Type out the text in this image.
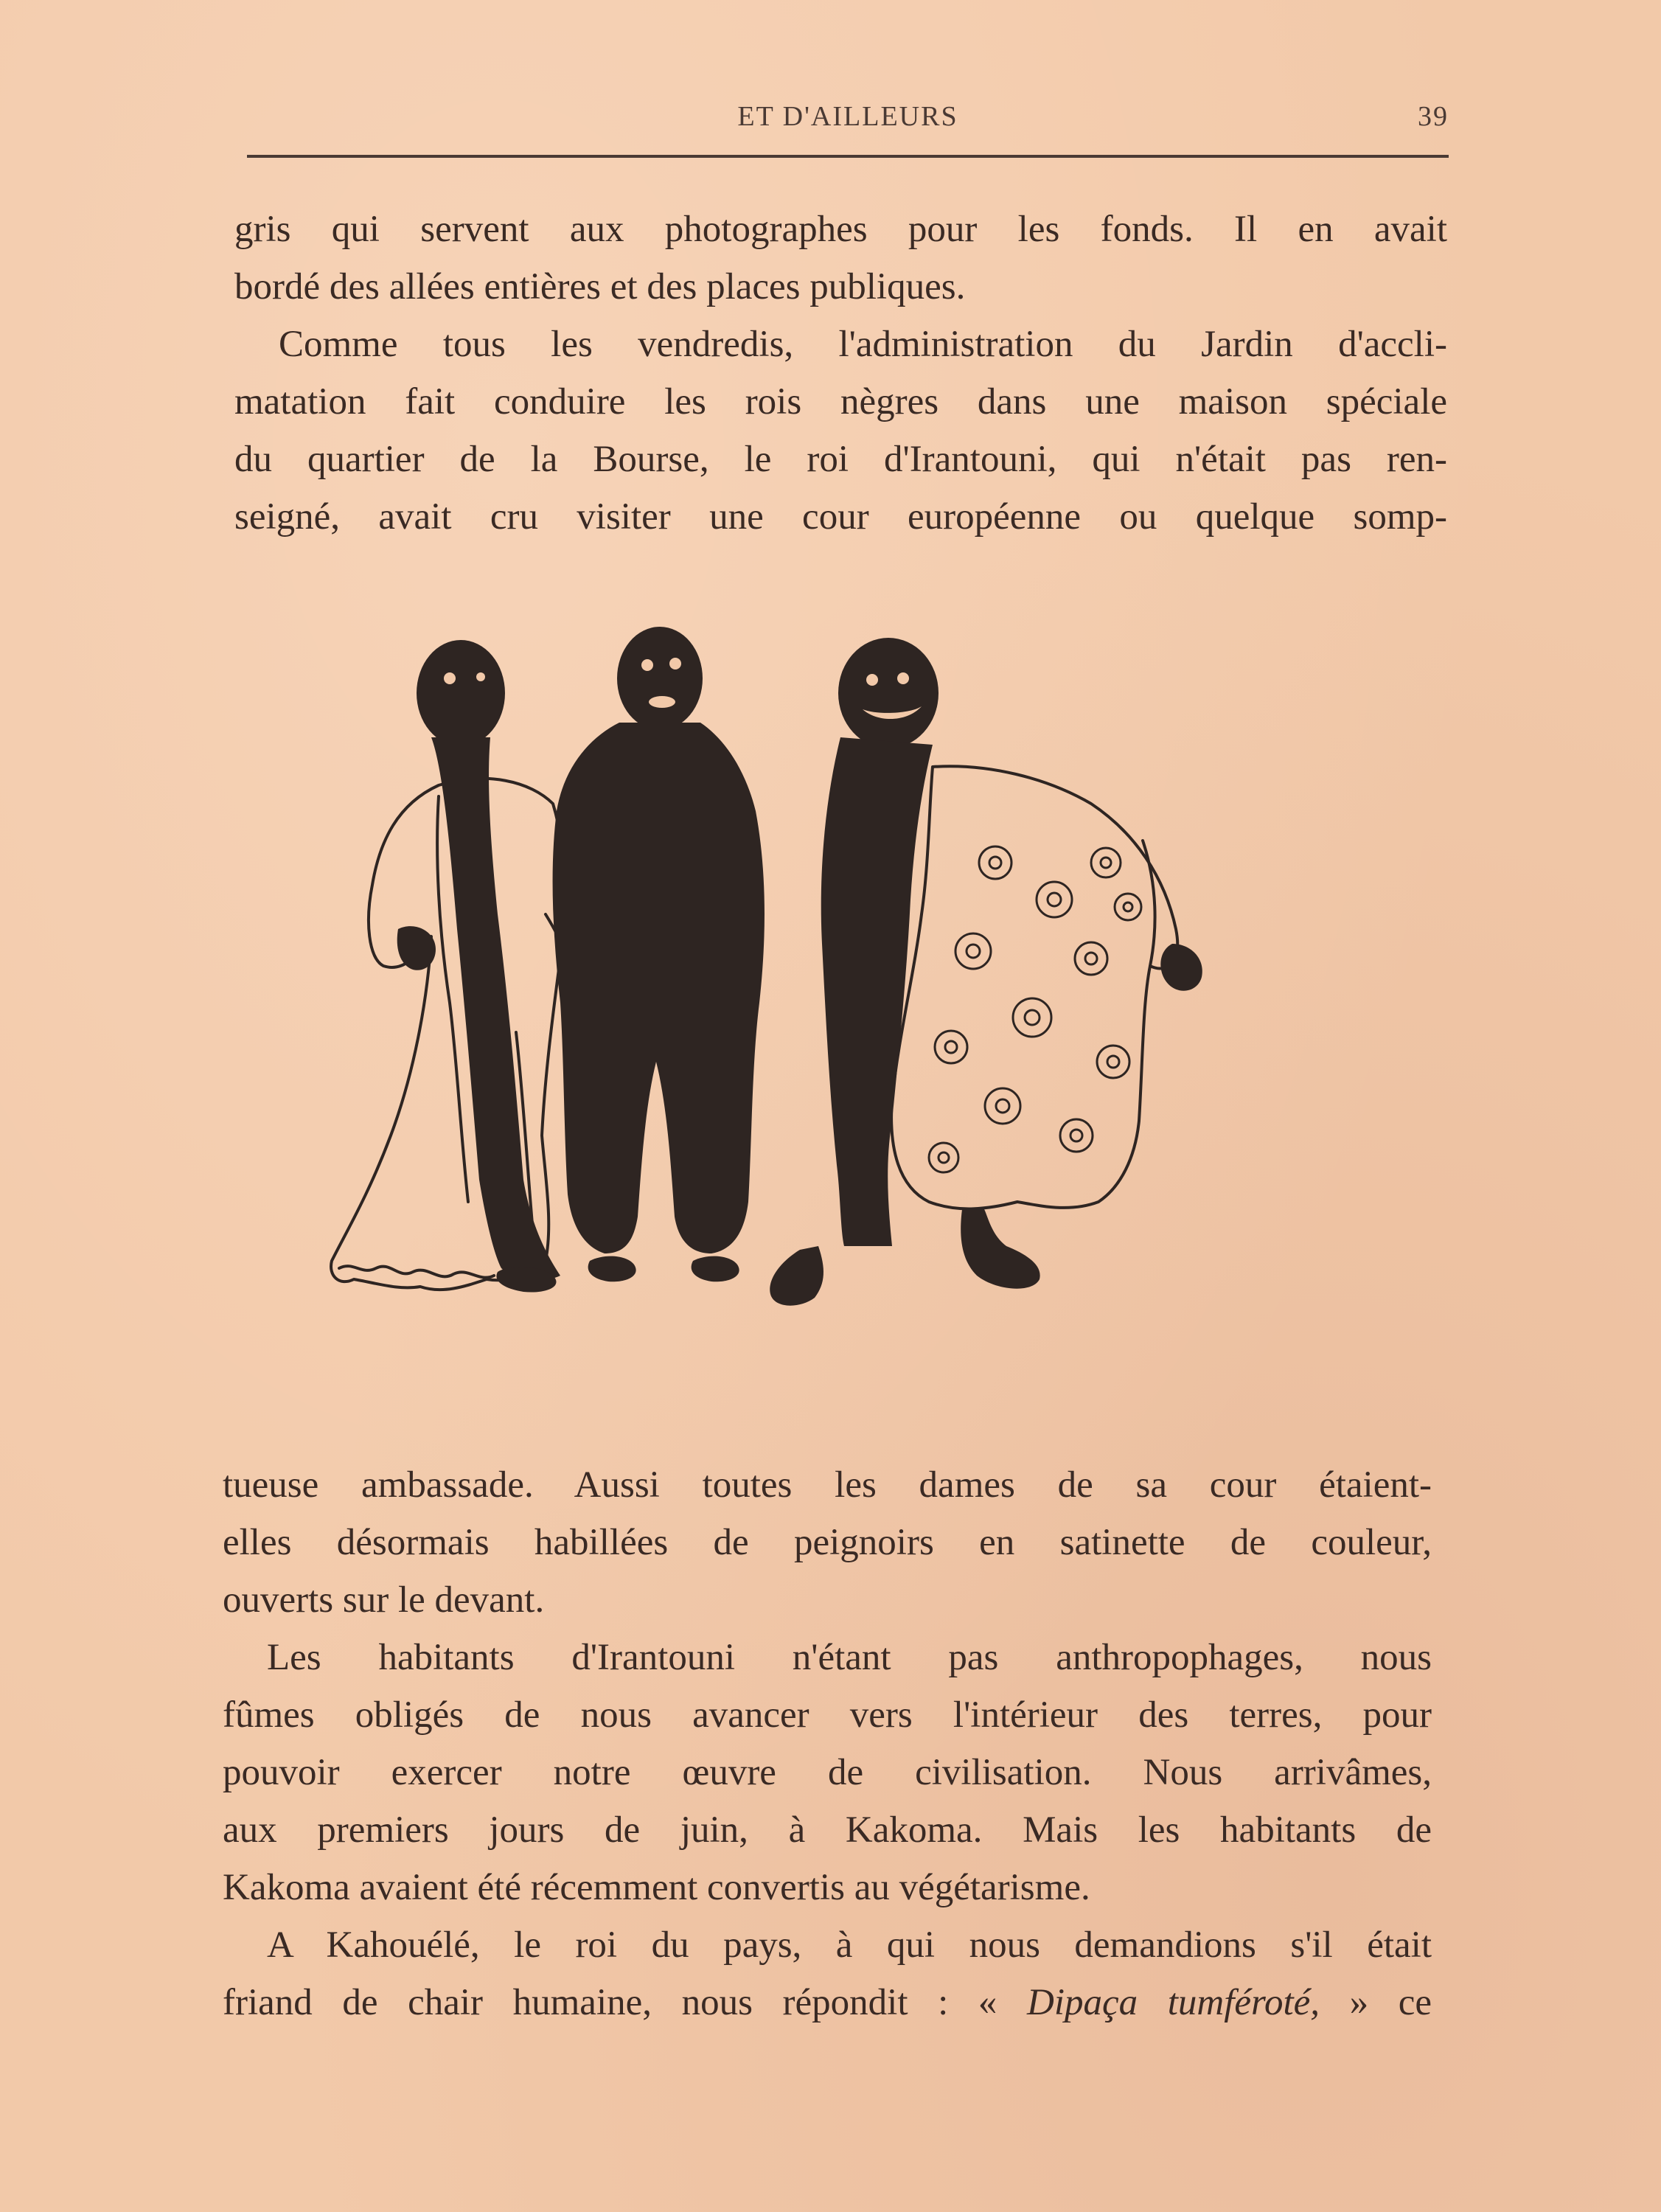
ET D'AILLEURS	39

gris qui servent aux photographes pour les fonds. Il en avait

bordé des allées entières et des places publiques.

Comme tous les vendredis, l'administration du Jardin d'accli-

matation fait conduire les rois nègres dans une maison spéciale

du quartier de la Bourse, le roi d'Irantouni, qui n'était pas ren-

seigné, avait cru visiter une cour européenne ou quelque somp-

tueuse ambassade. Aussi toutes les dames de sa cour étaient-

elles désormais habillées de peignoirs en satinette de couleur,

ouverts sur le devant.

Les habitants d'Irantouni n'étant pas anthropophages, nous

fûmes obligés de nous avancer vers l'intérieur des terres, pour

pouvoir exercer notre œuvre de civilisation. Nous arrivâmes,

aux premiers jours de juin, à Kakoma. Mais les habitants de

Kakoma avaient été récemment convertis au végétarisme.

A Kahouélé, le roi du pays, à qui nous demandions s'il était

friand de chair humaine, nous répondit : « Dipaça tumféroté, » ce
